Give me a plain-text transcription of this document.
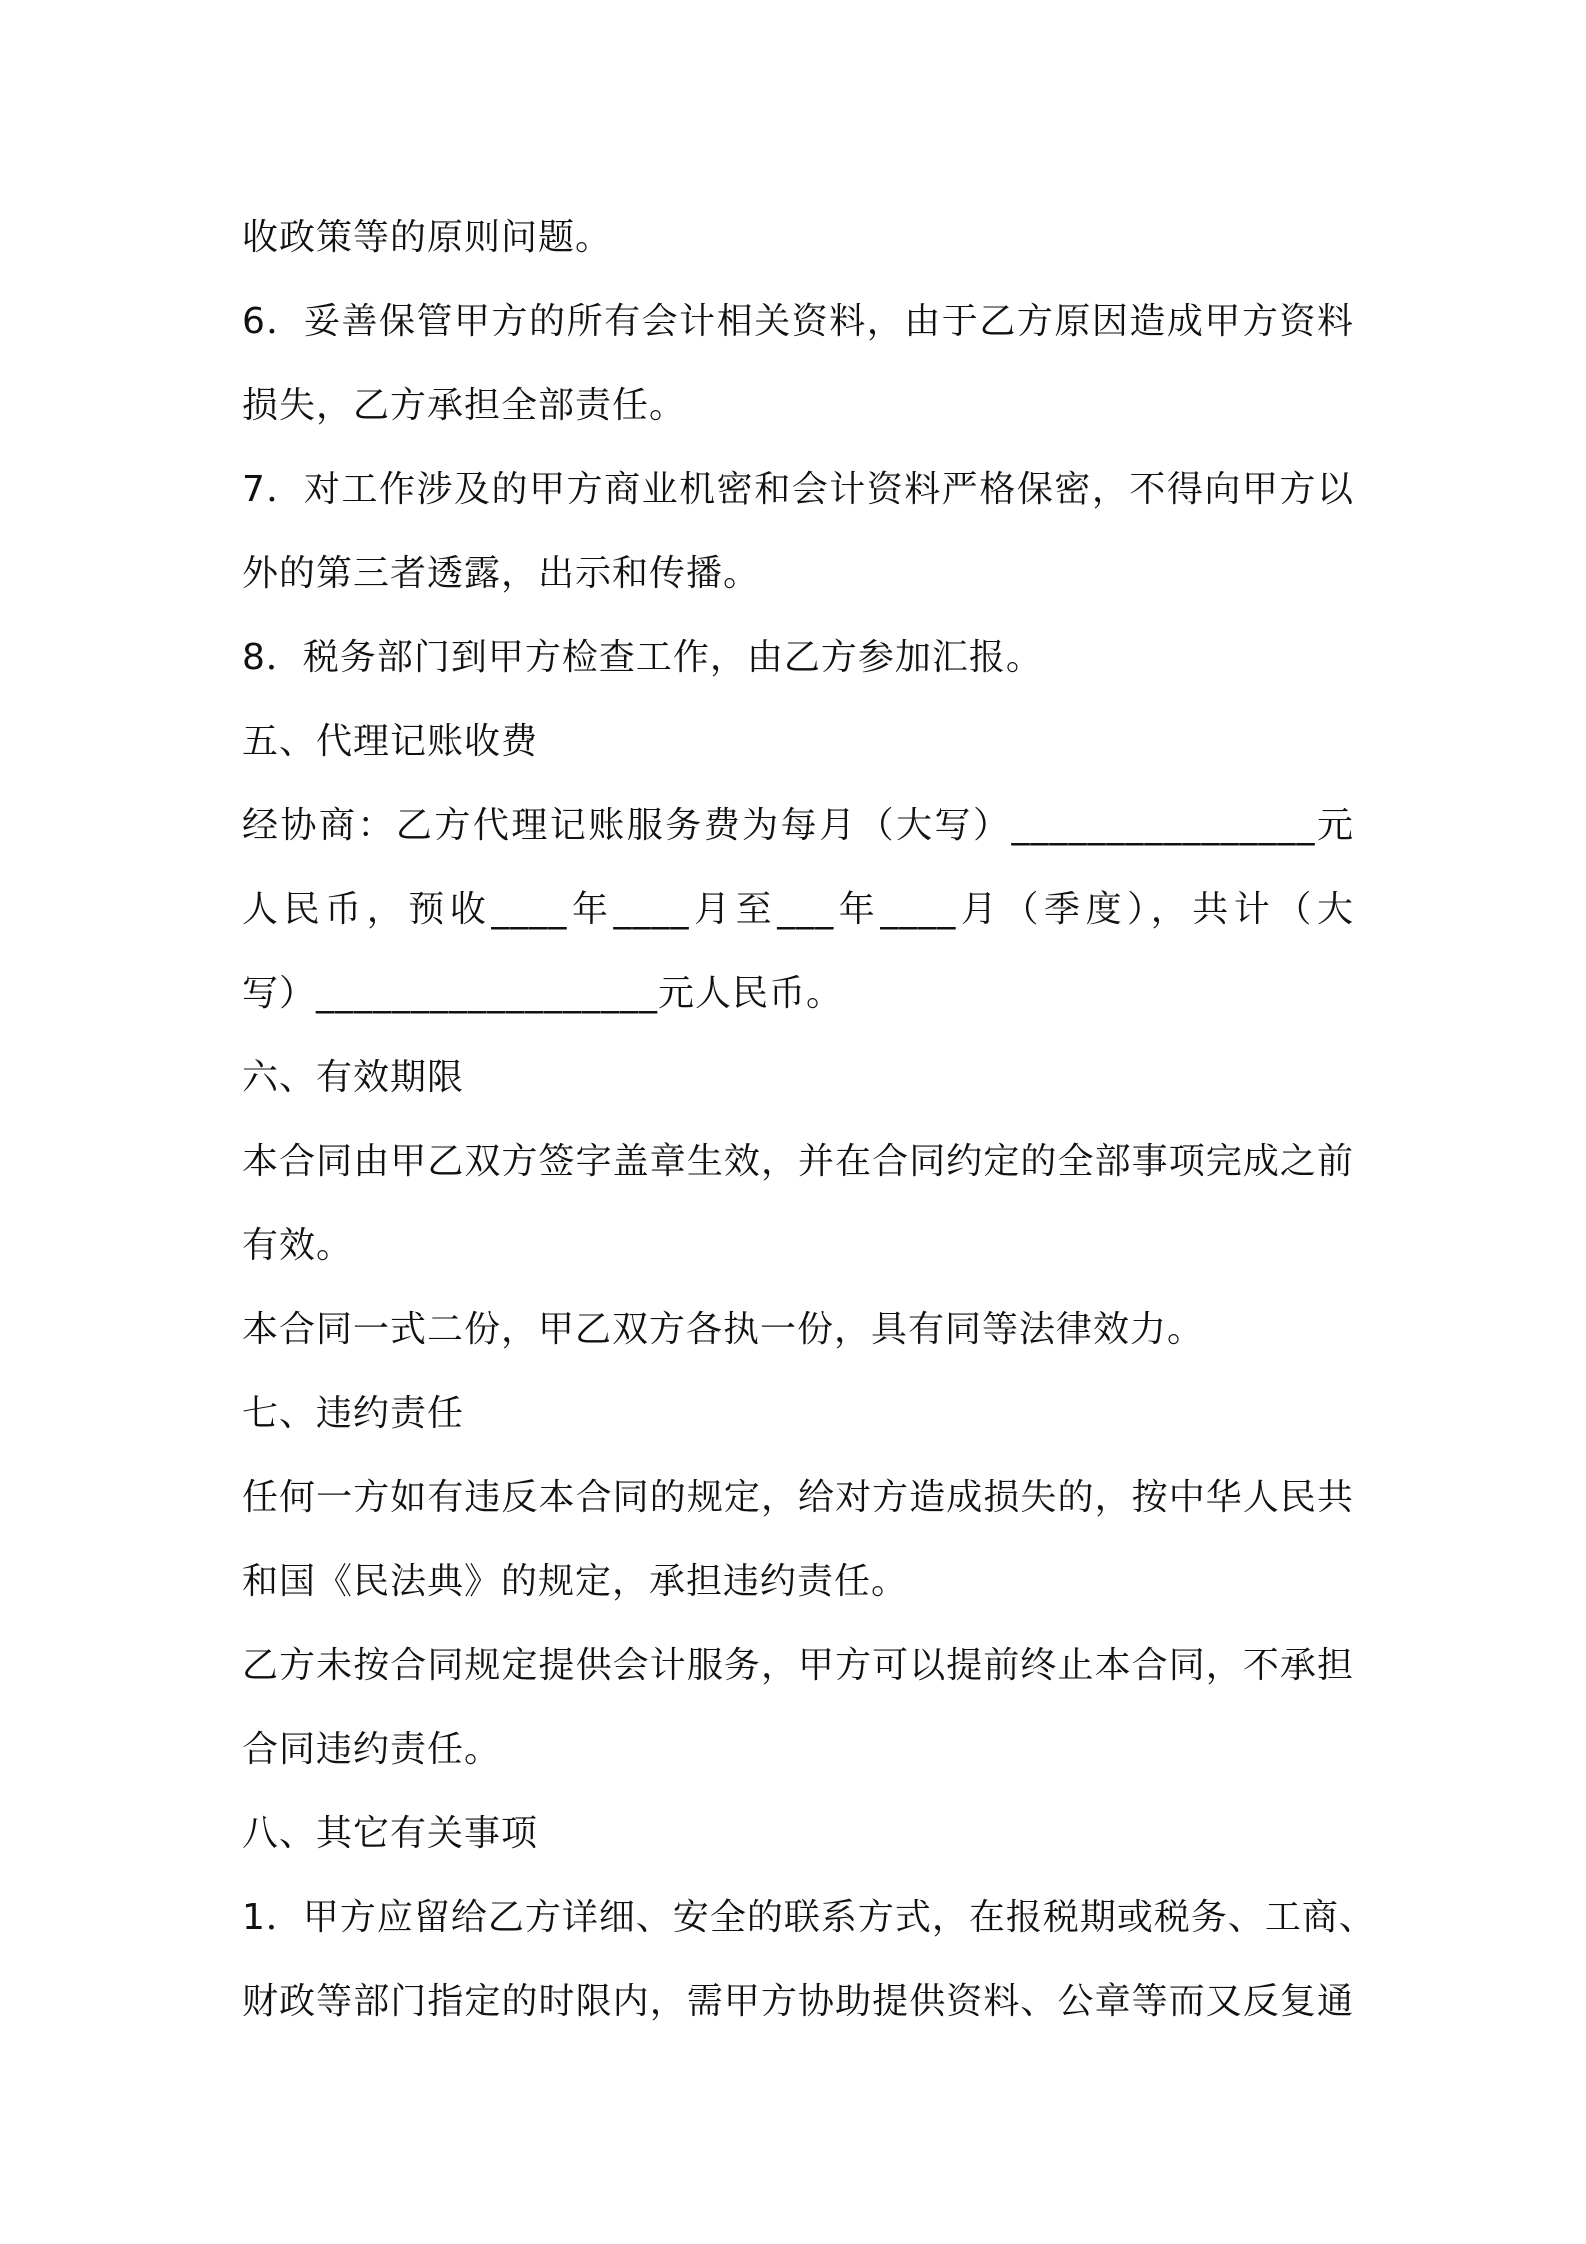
收政策等的原则问题。
6．妥善保管甲方的所有会计相关资料，由于乙方原因造成甲方资料
损失，乙方承担全部责任。
7．对工作涉及的甲方商业机密和会计资料严格保密，不得向甲方以
外的第三者透露，出示和传播。
8．税务部门到甲方检查工作，由乙方参加汇报。
五、代理记账收费
经协商：乙方代理记账服务费为每月（大写）________________元
人民币，预收____年____月至___年____月（季度），共计（大
写）__________________元人民币。
六、有效期限
本合同由甲乙双方签字盖章生效，并在合同约定的全部事项完成之前
有效。
本合同一式二份，甲乙双方各执一份，具有同等法律效力。
七、违约责任
任何一方如有违反本合同的规定，给对方造成损失的，按中华人民共
和国《民法典》的规定，承担违约责任。
乙方未按合同规定提供会计服务，甲方可以提前终止本合同，不承担
合同违约责任。
八、其它有关事项
1．甲方应留给乙方详细、安全的联系方式，在报税期或税务、工商、
财政等部门指定的时限内，需甲方协助提供资料、公章等而又反复通
